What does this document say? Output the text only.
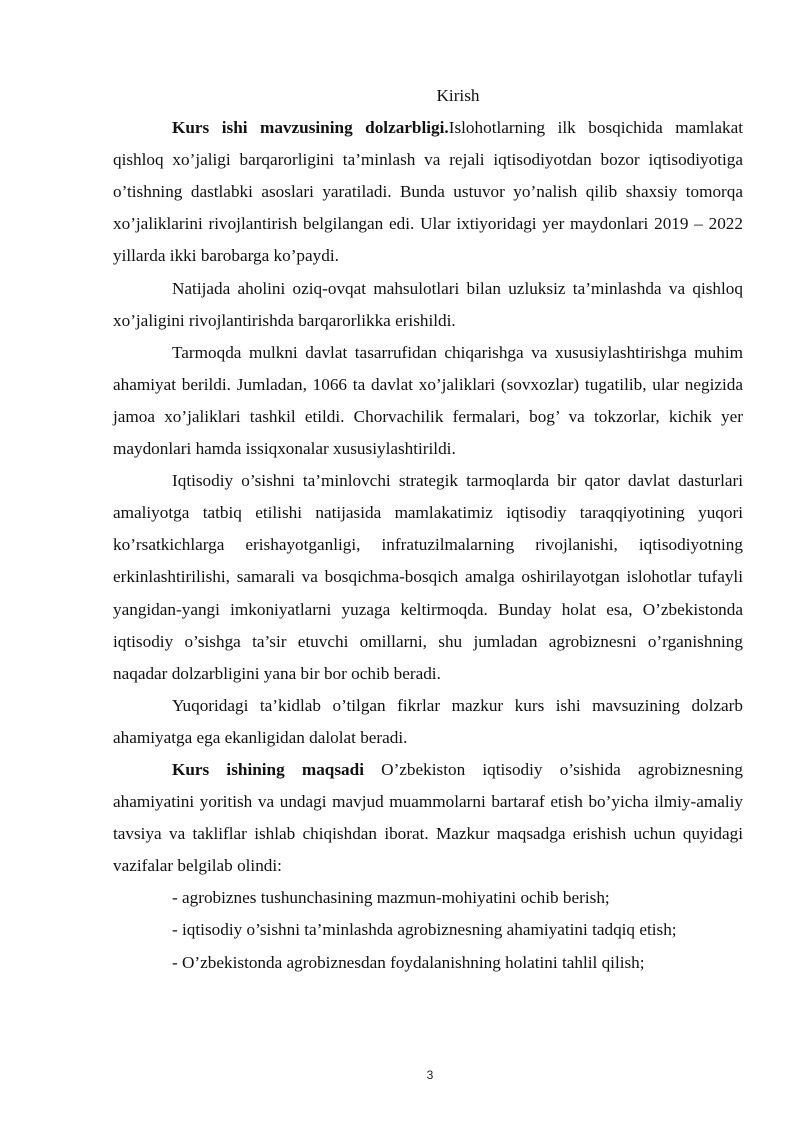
Kirish

Kurs ishi mavzusining dolzarbligi.Islohotlarning ilk bosqichida mamlakat qishloq xo’jaligi barqarorligini ta’minlash va rejali iqtisodiyotdan bozor iqtisodiyotiga o’tishning dastlabki asoslari yaratiladi. Bunda ustuvor yo’nalish qilib shaxsiy tomorqa xo’jaliklarini rivojlantirish belgilangan edi. Ular ixtiyoridagi yer maydonlari 2019 – 2022 yillarda ikki barobarga ko’paydi.

Natijada aholini oziq-ovqat mahsulotlari bilan uzluksiz ta’minlashda va qishloq xo’jaligini rivojlantirishda barqarorlikka erishildi.

Tarmoqda mulkni davlat tasarrufidan chiqarishga va xususiylashtirishga muhim ahamiyat berildi. Jumladan, 1066 ta davlat xo’jaliklari (sovxozlar) tugatilib, ular negizida jamoa xo’jaliklari tashkil etildi. Chorvachilik fermalari, bog’ va tokzorlar, kichik yer maydonlari hamda issiqxonalar xususiylashtirildi.

Iqtisodiy o’sishni ta’minlovchi strategik tarmoqlarda bir qator davlat dasturlari amaliyotga tatbiq etilishi natijasida mamlakatimiz iqtisodiy taraqqiyotining yuqori ko’rsatkichlarga erishayotganligi, infratuzilmalarning rivojlanishi, iqtisodiyotning erkinlashtirilishi, samarali va bosqichma-bosqich amalga oshirilayotgan islohotlar tufayli yangidan-yangi imkoniyatlarni yuzaga keltirmoqda. Bunday holat esa, O’zbekistonda iqtisodiy o’sishga ta’sir etuvchi omillarni, shu jumladan agrobiznesni o’rganishning naqadar dolzarbligini yana bir bor ochib beradi.

Yuqoridagi ta’kidlab o’tilgan fikrlar mazkur kurs ishi mavsuzining dolzarb ahamiyatga ega ekanligidan dalolat beradi.

Kurs ishining maqsadi O’zbekiston iqtisodiy o’sishida agrobiznesning ahamiyatini yoritish va undagi mavjud muammolarni bartaraf etish bo’yicha ilmiy-amaliy tavsiya va takliflar ishlab chiqishdan iborat. Mazkur maqsadga erishish uchun quyidagi vazifalar belgilab olindi:

- agrobiznes tushunchasining mazmun-mohiyatini ochib berish;

- iqtisodiy o’sishni ta’minlashda agrobiznesning ahamiyatini tadqiq etish;

- O’zbekistonda agrobiznesdan foydalanishning holatini tahlil qilish;

3
